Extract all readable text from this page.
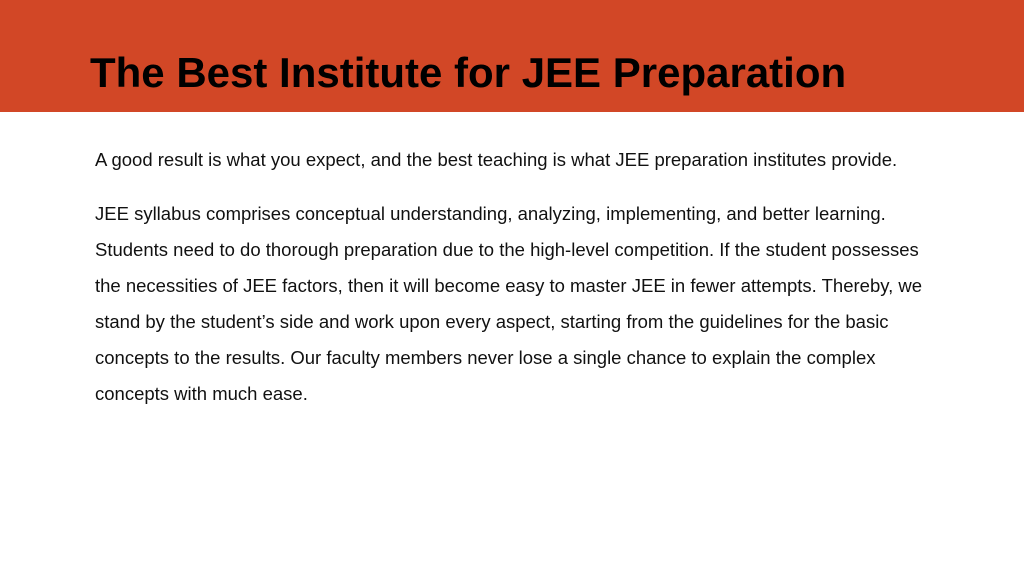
The Best Institute for JEE Preparation

A good result is what you expect, and the best teaching is what JEE preparation institutes provide.

JEE syllabus comprises conceptual understanding, analyzing, implementing, and better learning. Students need to do thorough preparation due to the high-level competition. If the student possesses the necessities of JEE factors, then it will become easy to master JEE in fewer attempts. Thereby, we stand by the student’s side and work upon every aspect, starting from the guidelines for the basic concepts to the results. Our faculty members never lose a single chance to explain the complex concepts with much ease.
